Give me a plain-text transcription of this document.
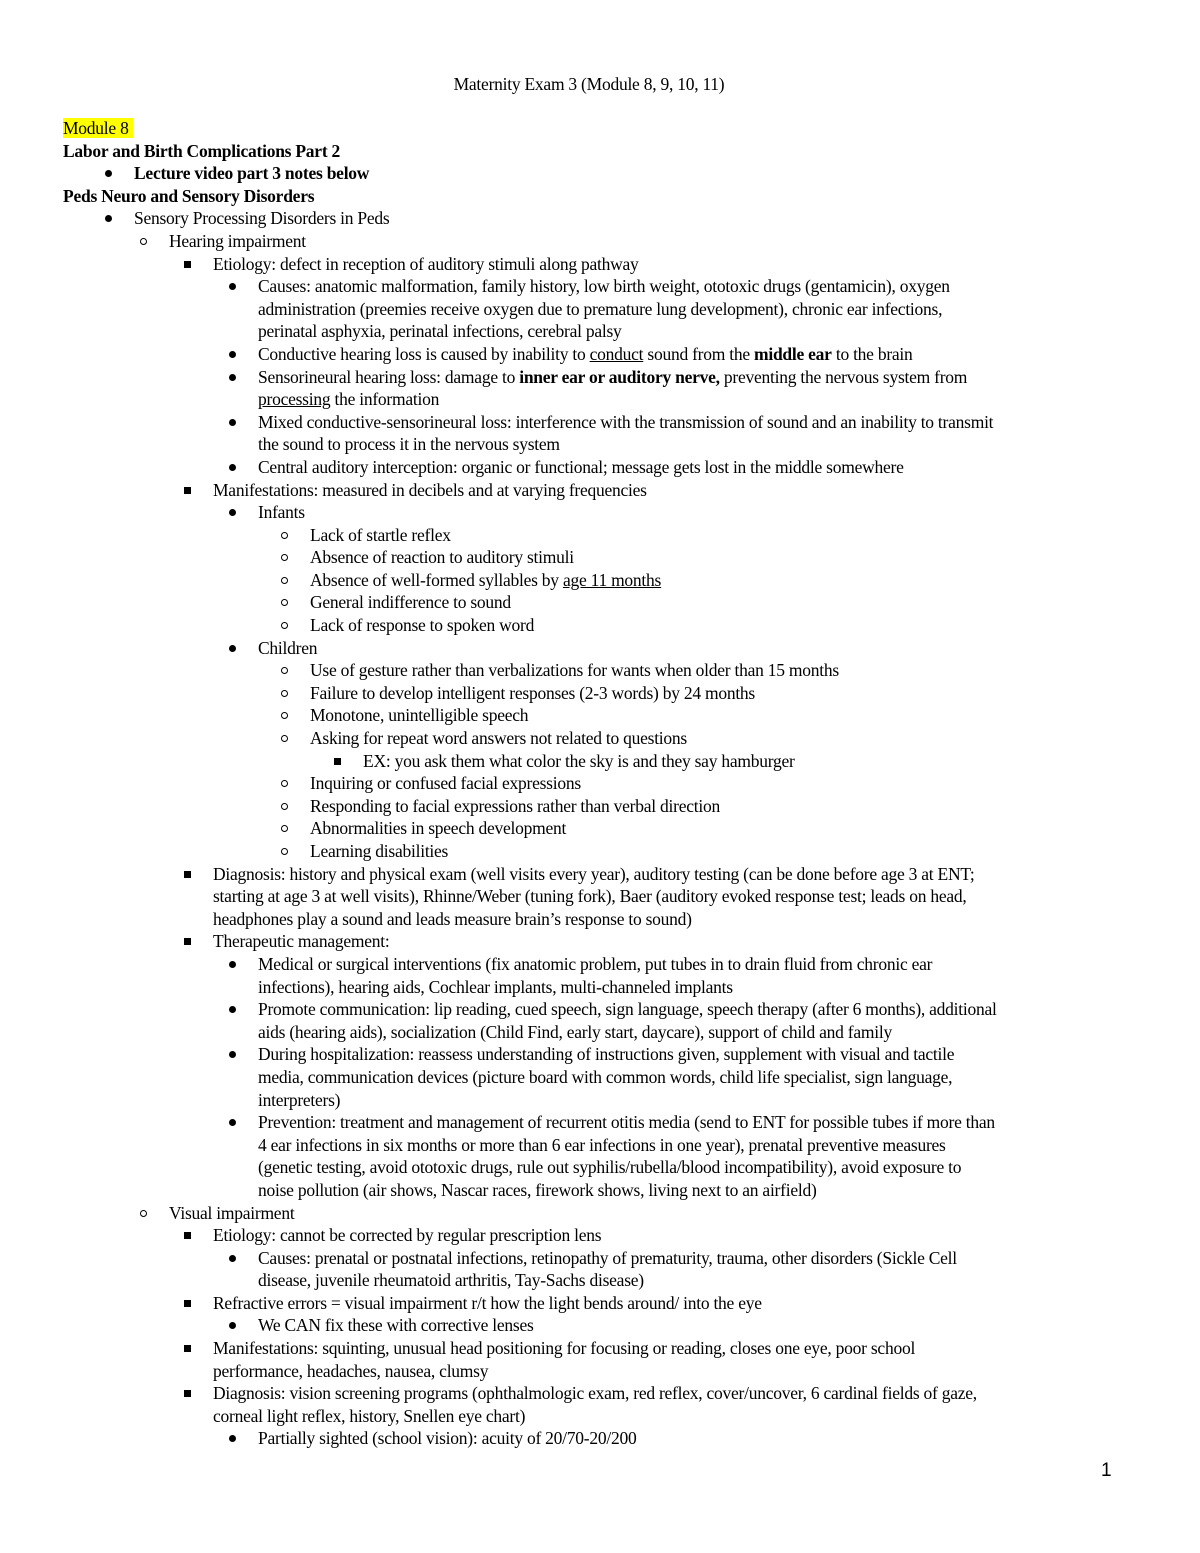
Maternity Exam 3 (Module 8, 9, 10, 11)
Module 8
Labor and Birth Complications Part 2
Lecture video part 3 notes below
Peds Neuro and Sensory Disorders
Sensory Processing Disorders in Peds
Hearing impairment
Etiology: defect in reception of auditory stimuli along pathway
Causes: anatomic malformation, family history, low birth weight, ototoxic drugs (gentamicin), oxygen
administration (preemies receive oxygen due to premature lung development), chronic ear infections,
perinatal asphyxia, perinatal infections, cerebral palsy
Conductive hearing loss is caused by inability to conduct sound from the middle ear to the brain
Sensorineural hearing loss: damage to inner ear or auditory nerve, preventing the nervous system from
processing the information
Mixed conductive-sensorineural loss: interference with the transmission of sound and an inability to transmit
the sound to process it in the nervous system
Central auditory interception: organic or functional; message gets lost in the middle somewhere
Manifestations: measured in decibels and at varying frequencies
Infants
Lack of startle reflex
Absence of reaction to auditory stimuli
Absence of well-formed syllables by age 11 months
General indifference to sound
Lack of response to spoken word
Children
Use of gesture rather than verbalizations for wants when older than 15 months
Failure to develop intelligent responses (2-3 words) by 24 months
Monotone, unintelligible speech
Asking for repeat word answers not related to questions
EX: you ask them what color the sky is and they say hamburger
Inquiring or confused facial expressions
Responding to facial expressions rather than verbal direction
Abnormalities in speech development
Learning disabilities
Diagnosis: history and physical exam (well visits every year), auditory testing (can be done before age 3 at ENT;
starting at age 3 at well visits), Rhinne/Weber (tuning fork), Baer (auditory evoked response test; leads on head,
headphones play a sound and leads measure brain’s response to sound)
Therapeutic management:
Medical or surgical interventions (fix anatomic problem, put tubes in to drain fluid from chronic ear
infections), hearing aids, Cochlear implants, multi-channeled implants
Promote communication: lip reading, cued speech, sign language, speech therapy (after 6 months), additional
aids (hearing aids), socialization (Child Find, early start, daycare), support of child and family
During hospitalization: reassess understanding of instructions given, supplement with visual and tactile
media, communication devices (picture board with common words, child life specialist, sign language,
interpreters)
Prevention: treatment and management of recurrent otitis media (send to ENT for possible tubes if more than
4 ear infections in six months or more than 6 ear infections in one year), prenatal preventive measures
(genetic testing, avoid ototoxic drugs, rule out syphilis/rubella/blood incompatibility), avoid exposure to
noise pollution (air shows, Nascar races, firework shows, living next to an airfield)
Visual impairment
Etiology: cannot be corrected by regular prescription lens
Causes: prenatal or postnatal infections, retinopathy of prematurity, trauma, other disorders (Sickle Cell
disease, juvenile rheumatoid arthritis, Tay-Sachs disease)
Refractive errors = visual impairment r/t how the light bends around/ into the eye
We CAN fix these with corrective lenses
Manifestations: squinting, unusual head positioning for focusing or reading, closes one eye, poor school
performance, headaches, nausea, clumsy
Diagnosis: vision screening programs (ophthalmologic exam, red reflex, cover/uncover, 6 cardinal fields of gaze,
corneal light reflex, history, Snellen eye chart)
Partially sighted (school vision): acuity of 20/70-20/200
1
